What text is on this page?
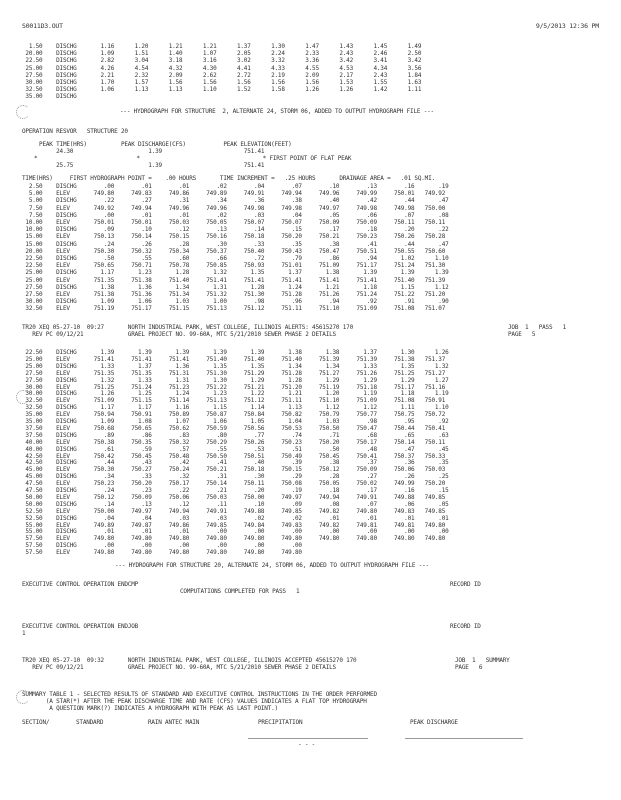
S0011D3.OUT	9/5/2013 12:36 PM
1.50    DISCHG       1.16      1.20      1.21      1.21      1.37      1.30      1.47      1.43      1.45      1.49
20.00    DISCHG       1.09      1.51      1.40      1.07      2.05      2.24      2.33      2.43      2.46      2.50
22.50    DISCHG       2.82      3.04      3.18      3.16      3.02      3.32      3.36      3.42      3.41      3.42
25.00    DISCHG       4.26      4.54      4.32      4.30      4.41      4.33      4.55      4.53      4.34      3.56
27.50    DISCHG       2.21      2.32      2.09      2.62      2.72      2.19      2.09      2.17      2.43      1.84
30.00    DISCHG       1.70      1.57      1.56      1.56      1.56      1.56      1.56      1.53      1.55      1.63
32.50    DISCHG       1.06      1.13      1.13      1.10      1.52      1.58      1.26      1.26      1.42      1.11
35.00    DISCHG
--- HYDROGRAPH FOR STRUCTURE  2, ALTERNATE 24, STORM 06, ADDED TO OUTPUT HYDROGRAPH FILE ---
OPERATION RESVOR   STRUCTURE 20
PEAK TIME(HRS)          PEAK DISCHARGE(CFS)           PEAK ELEVATION(FEET)
24.30                      1.39                        751.41
*                             *                                    * FIRST POINT OF FLAT PEAK
25.75                      1.39                        751.41
TIME(HRS)     FIRST HYDROGRAPH POINT =    .00 HOURS       TIME INCREMENT =   .25 HOURS       DRAINAGE AREA =   .01 SQ.MI.
2.50    DISCHG        .00        .01        .01        .02        .04        .07        .10        .13        .16       .19
5.00    ELEV       749.80     749.83     749.86     749.89     749.91     749.94     749.96     749.99     750.01   749.92
5.00    DISCHG        .22        .27        .31        .34        .36        .38        .40        .42        .44       .47
7.50    ELEV       749.92     749.94     749.96     749.96     749.98     749.98     749.97     749.98     749.98   750.00
7.50    DISCHG        .00        .01        .01        .02        .03        .04        .05        .06        .07       .08
10.00    ELEV       750.01     750.01     750.03     750.05     750.07     750.07     750.09     750.09     750.11   750.11
10.00    DISCHG        .09        .10        .12        .13        .14        .15        .17        .18        .20       .22
15.00    ELEV       750.13     750.14     750.15     750.16     750.18     750.20     750.21     750.23     750.26   750.28
15.00    DISCHG        .24        .26        .28        .30        .33        .35        .38        .41        .44       .47
20.00    ELEV       750.30     750.32     750.34     750.37     750.40     750.43     750.47     750.51     750.55   750.60
22.50    DISCHG        .50        .55        .60        .66        .72        .79        .86        .94       1.02      1.10
22.50    ELEV       750.65     750.71     750.78     750.85     750.93     751.01     751.09     751.17     751.24   751.30
25.00    DISCHG       1.17       1.23       1.28       1.32       1.35       1.37       1.38       1.39       1.39      1.39
25.00    ELEV       751.35     751.38     751.40     751.41     751.41     751.41     751.41     751.41     751.40   751.39
27.50    DISCHG       1.38       1.36       1.34       1.31       1.28       1.24       1.21       1.18       1.15      1.12
27.50    ELEV       751.38     751.36     751.34     751.32     751.30     751.28     751.26     751.24     751.22   751.20
30.00    DISCHG       1.09       1.06       1.03       1.00        .98        .96        .94        .92        .91       .90
32.50    ELEV       751.19     751.17     751.15     751.13     751.12     751.11     751.10     751.09     751.08   751.07
TR20 XEQ 05-27-10  09:27       NORTH INDUSTRIAL PARK, WEST COLLEGE, ILLINOIS ALERTS: 45615270 170	JOB  1   PASS   1
REV PC 09/12/21             GRAEL PROJECT NO. 99-60A, MTC 5/21/2010 SEWER PHASE 2 DETAILS	PAGE   5
22.50    DISCHG       1.39       1.39       1.39       1.39       1.39       1.38       1.38       1.37       1.30      1.26
25.00    ELEV       751.41     751.41     751.41     751.40     751.40     751.40     751.39     751.39     751.38   751.37
25.00    DISCHG       1.33       1.37       1.36       1.35       1.35       1.34       1.34       1.33       1.35      1.32
27.50    ELEV       751.35     751.35     751.31     751.30     751.29     751.28     751.27     751.26     751.25   751.27
27.50    DISCHG       1.32       1.33       1.31       1.30       1.29       1.28       1.29       1.29       1.29      1.27
30.00    ELEV       751.25     751.24     751.23     751.22     751.21     751.20     751.19     751.18     751.17   751.16
30.00    DISCHG       1.26       1.25       1.24       1.23       1.22       1.21       1.20       1.19       1.18      1.19
32.50    ELEV       751.09     751.15     751.14     751.13     751.12     751.11     751.10     751.09     751.08   750.91
32.50    DISCHG       1.17       1.17       1.16       1.15       1.14       1.13       1.12       1.12       1.11      1.10
35.00    ELEV       750.94     750.91     750.89     750.87     750.84     750.82     750.79     750.77     750.75   750.72
35.00    DISCHG       1.09       1.08       1.07       1.06       1.05       1.04       1.03        .98        .95       .92
37.50    ELEV       750.68     750.65     750.62     750.59     750.56     750.53     750.50     750.47     750.44   750.41
37.50    DISCHG        .89        .86        .83        .80        .77        .74        .71        .68        .65       .63
40.00    ELEV       750.38     750.35     750.32     750.29     750.26     750.23     750.20     750.17     750.14   750.11
40.00    DISCHG        .61        .59        .57        .55        .53        .51        .50        .48        .47       .45
42.50    ELEV       750.42     750.45     750.48     750.50     750.51     750.49     750.45     750.41     750.37   750.33
42.50    DISCHG        .44        .43        .42        .41        .40        .39        .38        .37        .36       .35
45.00    ELEV       750.30     750.27     750.24     750.21     750.18     750.15     750.12     750.09     750.06   750.03
45.00    DISCHG        .34        .33        .32        .31        .30        .29        .28        .27        .26       .25
47.50    ELEV       750.23     750.20     750.17     750.14     750.11     750.08     750.05     750.02     749.99   750.20
47.50    DISCHG        .24        .23        .22        .21        .20        .19        .18        .17        .16       .15
50.00    ELEV       750.12     750.09     750.06     750.03     750.00     749.97     749.94     749.91     749.88   749.85
50.00    DISCHG        .14        .13        .12        .11        .10        .09        .08        .07        .06       .05
52.50    ELEV       750.00     749.97     749.94     749.91     749.88     749.85     749.82     749.80     749.83   749.85
52.50    DISCHG        .04        .04        .03        .03        .02        .02        .01        .01        .01       .01
55.00    ELEV       749.89     749.87     749.86     749.85     749.84     749.83     749.82     749.81     749.81   749.80
55.00    DISCHG        .01        .01        .01        .00        .00        .00        .00        .00        .00       .00
57.50    ELEV       749.80     749.80     749.80     749.80     749.80     749.80     749.80     749.80     749.80   749.80
57.50    DISCHG        .00        .00        .00        .00        .00        .00
57.50    ELEV       749.80     749.80     749.80     749.80     749.80     749.80
--- HYDROGRAPH FOR STRUCTURE 20, ALTERNATE 24, STORM 06, ADDED TO OUTPUT HYDROGRAPH FILE ---
EXECUTIVE CONTROL OPERATION ENDCMP	RECORD ID
COMPUTATIONS COMPLETED FOR PASS   1
EXECUTIVE CONTROL OPERATION ENDJOB	RECORD ID
1
TR20 XEQ 05-27-10  09:32       NORTH INDUSTRIAL PARK, WEST COLLEGE, ILLINOIS ACCEPTED 45615270 170	JOB  1   SUMMARY
REV PC 09/12/21             GRAEL PROJECT NO. 99-60A, MTC 5/21/2010 SEWER PHASE 2 DETAILS	PAGE   6
SUMMARY TABLE 1 - SELECTED RESULTS OF STANDARD AND EXECUTIVE CONTROL INSTRUCTIONS IN THE ORDER PERFORMED
(A STAR(*) AFTER THE PEAK DISCHARGE TIME AND RATE (CFS) VALUES INDICATES A FLAT TOP HYDROGRAPH
A QUESTION MARK(?) INDICATES A HYDROGRAPH WITH PEAK AS LAST POINT.)
SECTION/	STANDARD	RAIN ANTEC MAIN	PRECIPITATION	PEAK DISCHARGE
- - -
